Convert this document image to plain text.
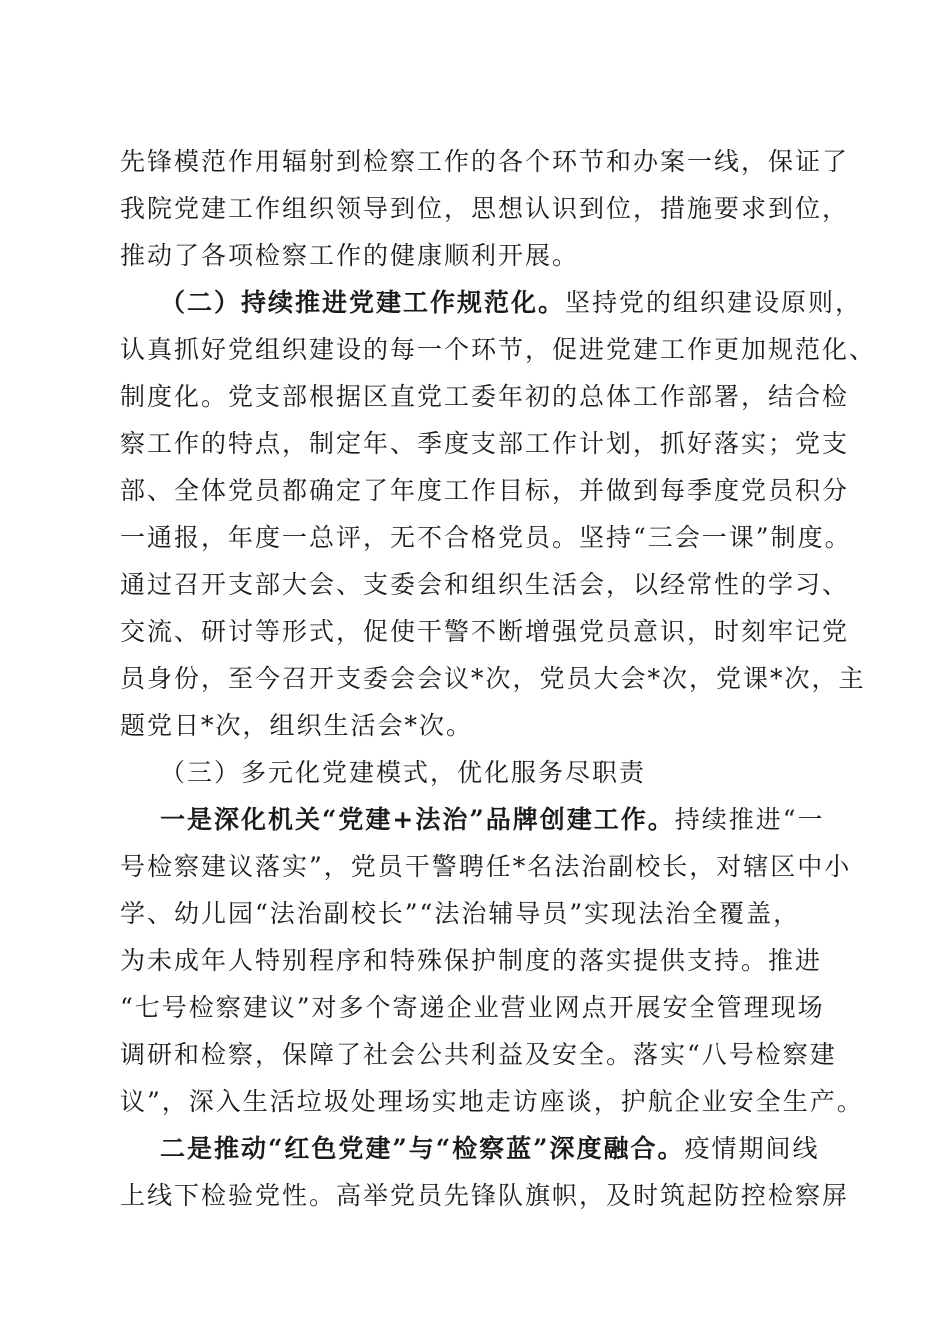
先锋模范作用辐射到检察工作的各个环节和办案一线，保证了
我院党建工作组织领导到位，思想认识到位，措施要求到位，
推动了各项检察工作的健康顺利开展。
（二）持续推进党建工作规范化。坚持党的组织建设原则，
认真抓好党组织建设的每一个环节，促进党建工作更加规范化、
制度化。党支部根据区直党工委年初的总体工作部署，结合检
察工作的特点，制定年、季度支部工作计划，抓好落实；党支
部、全体党员都确定了年度工作目标，并做到每季度党员积分
一通报，年度一总评，无不合格党员。坚持“三会一课”制度。
通过召开支部大会、支委会和组织生活会，以经常性的学习、
交流、研讨等形式，促使干警不断增强党员意识，时刻牢记党
员身份，至今召开支委会会议*次，党员大会*次，党课*次，主
题党日*次，组织生活会*次。
（三）多元化党建模式，优化服务尽职责
一是深化机关“党建+法治”品牌创建工作。持续推进“一
号检察建议落实”，党员干警聘任*名法治副校长，对辖区中小
学、幼儿园“法治副校长”“法治辅导员”实现法治全覆盖，
为未成年人特别程序和特殊保护制度的落实提供支持。推进
“七号检察建议”对多个寄递企业营业网点开展安全管理现场
调研和检察，保障了社会公共利益及安全。落实“八号检察建
议”，深入生活垃圾处理场实地走访座谈，护航企业安全生产。
二是推动“红色党建”与“检察蓝”深度融合。疫情期间线
上线下检验党性。高举党员先锋队旗帜，及时筑起防控检察屏
